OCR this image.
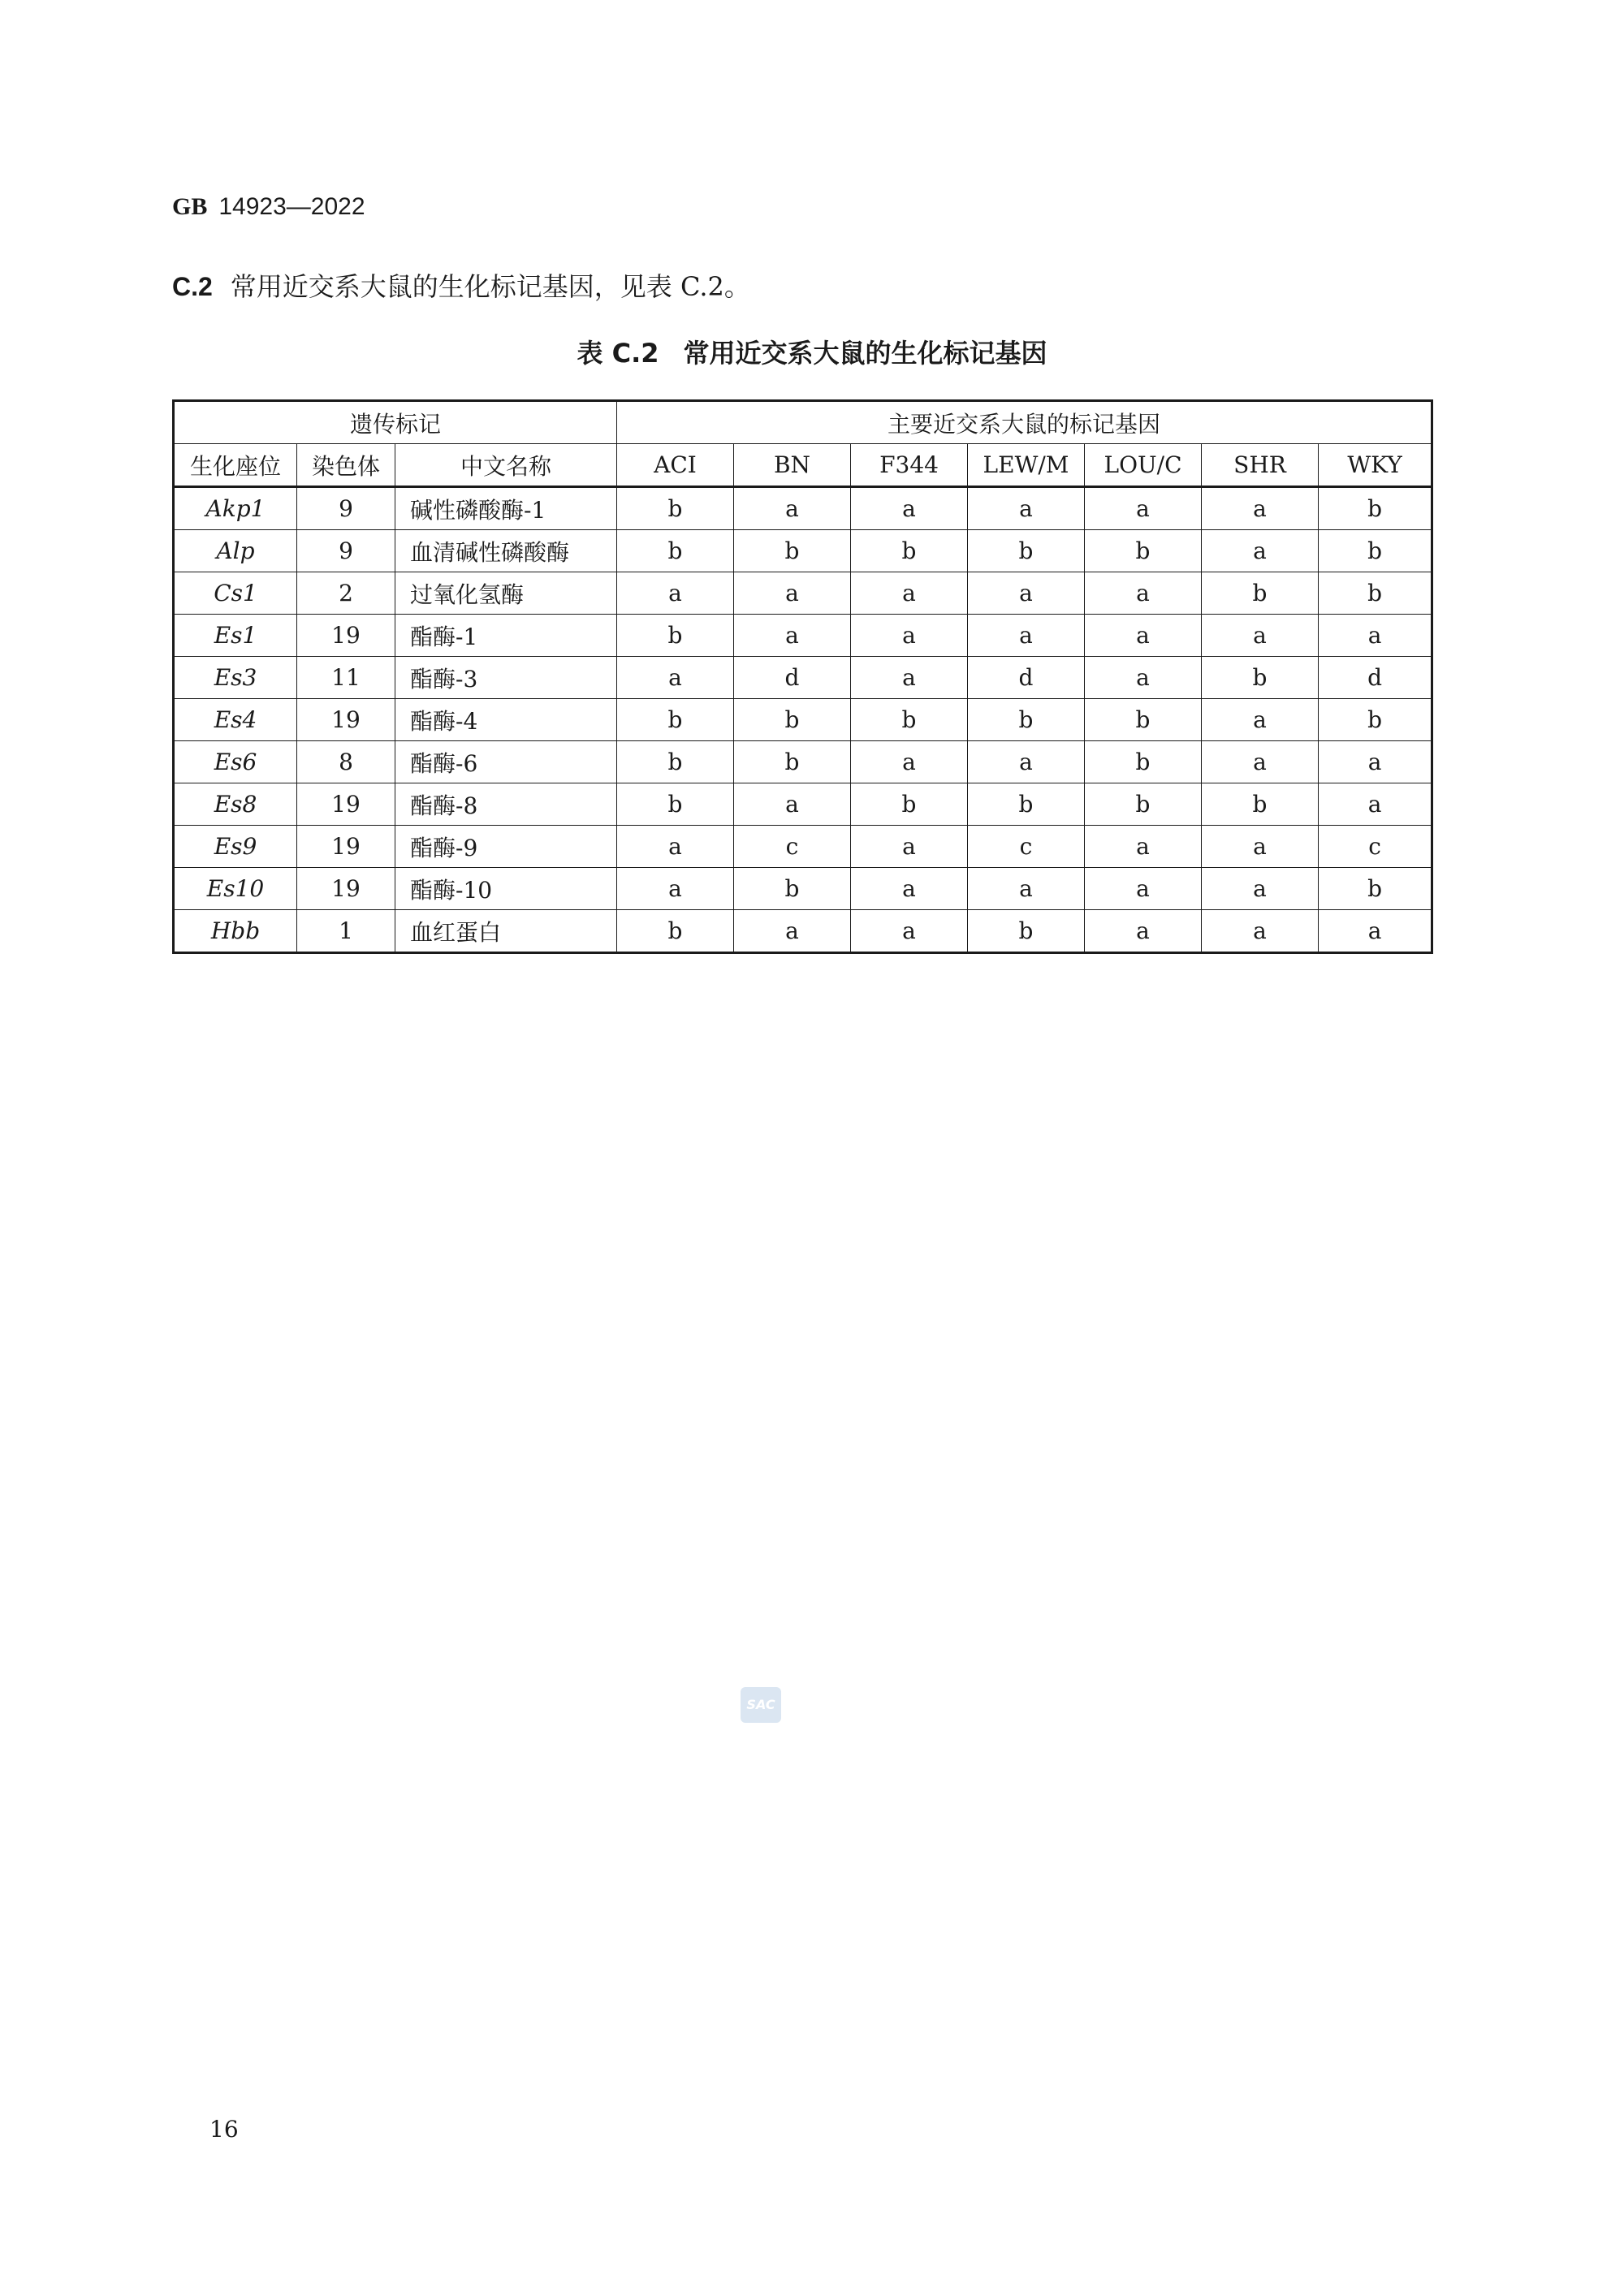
GB 14923—2022
C.2 常用近交系大鼠的生化标记基因，见表 C.2。
表 C.2 常用近交系大鼠的生化标记基因
遗传标记			主要近交系大鼠的标记基因						
生化座位	染色体	中文名称	ACI	BN	F344	LEW/M	LOU/C	SHR	WKY
Akp1	9	碱性磷酸酶-1	b	a	a	a	a	a	b
Alp	9	血清碱性磷酸酶	b	b	b	b	b	a	b
Cs1	2	过氧化氢酶	a	a	a	a	a	b	b
Es1	19	酯酶-1	b	a	a	a	a	a	a
Es3	11	酯酶-3	a	d	a	d	a	b	d
Es4	19	酯酶-4	b	b	b	b	b	a	b
Es6	8	酯酶-6	b	b	a	a	b	a	a
Es8	19	酯酶-8	b	a	b	b	b	b	a
Es9	19	酯酶-9	a	c	a	c	a	a	c
Es10	19	酯酶-10	a	b	a	a	a	a	b
Hbb	1	血红蛋白	b	a	a	b	a	a	a
SAC
16
